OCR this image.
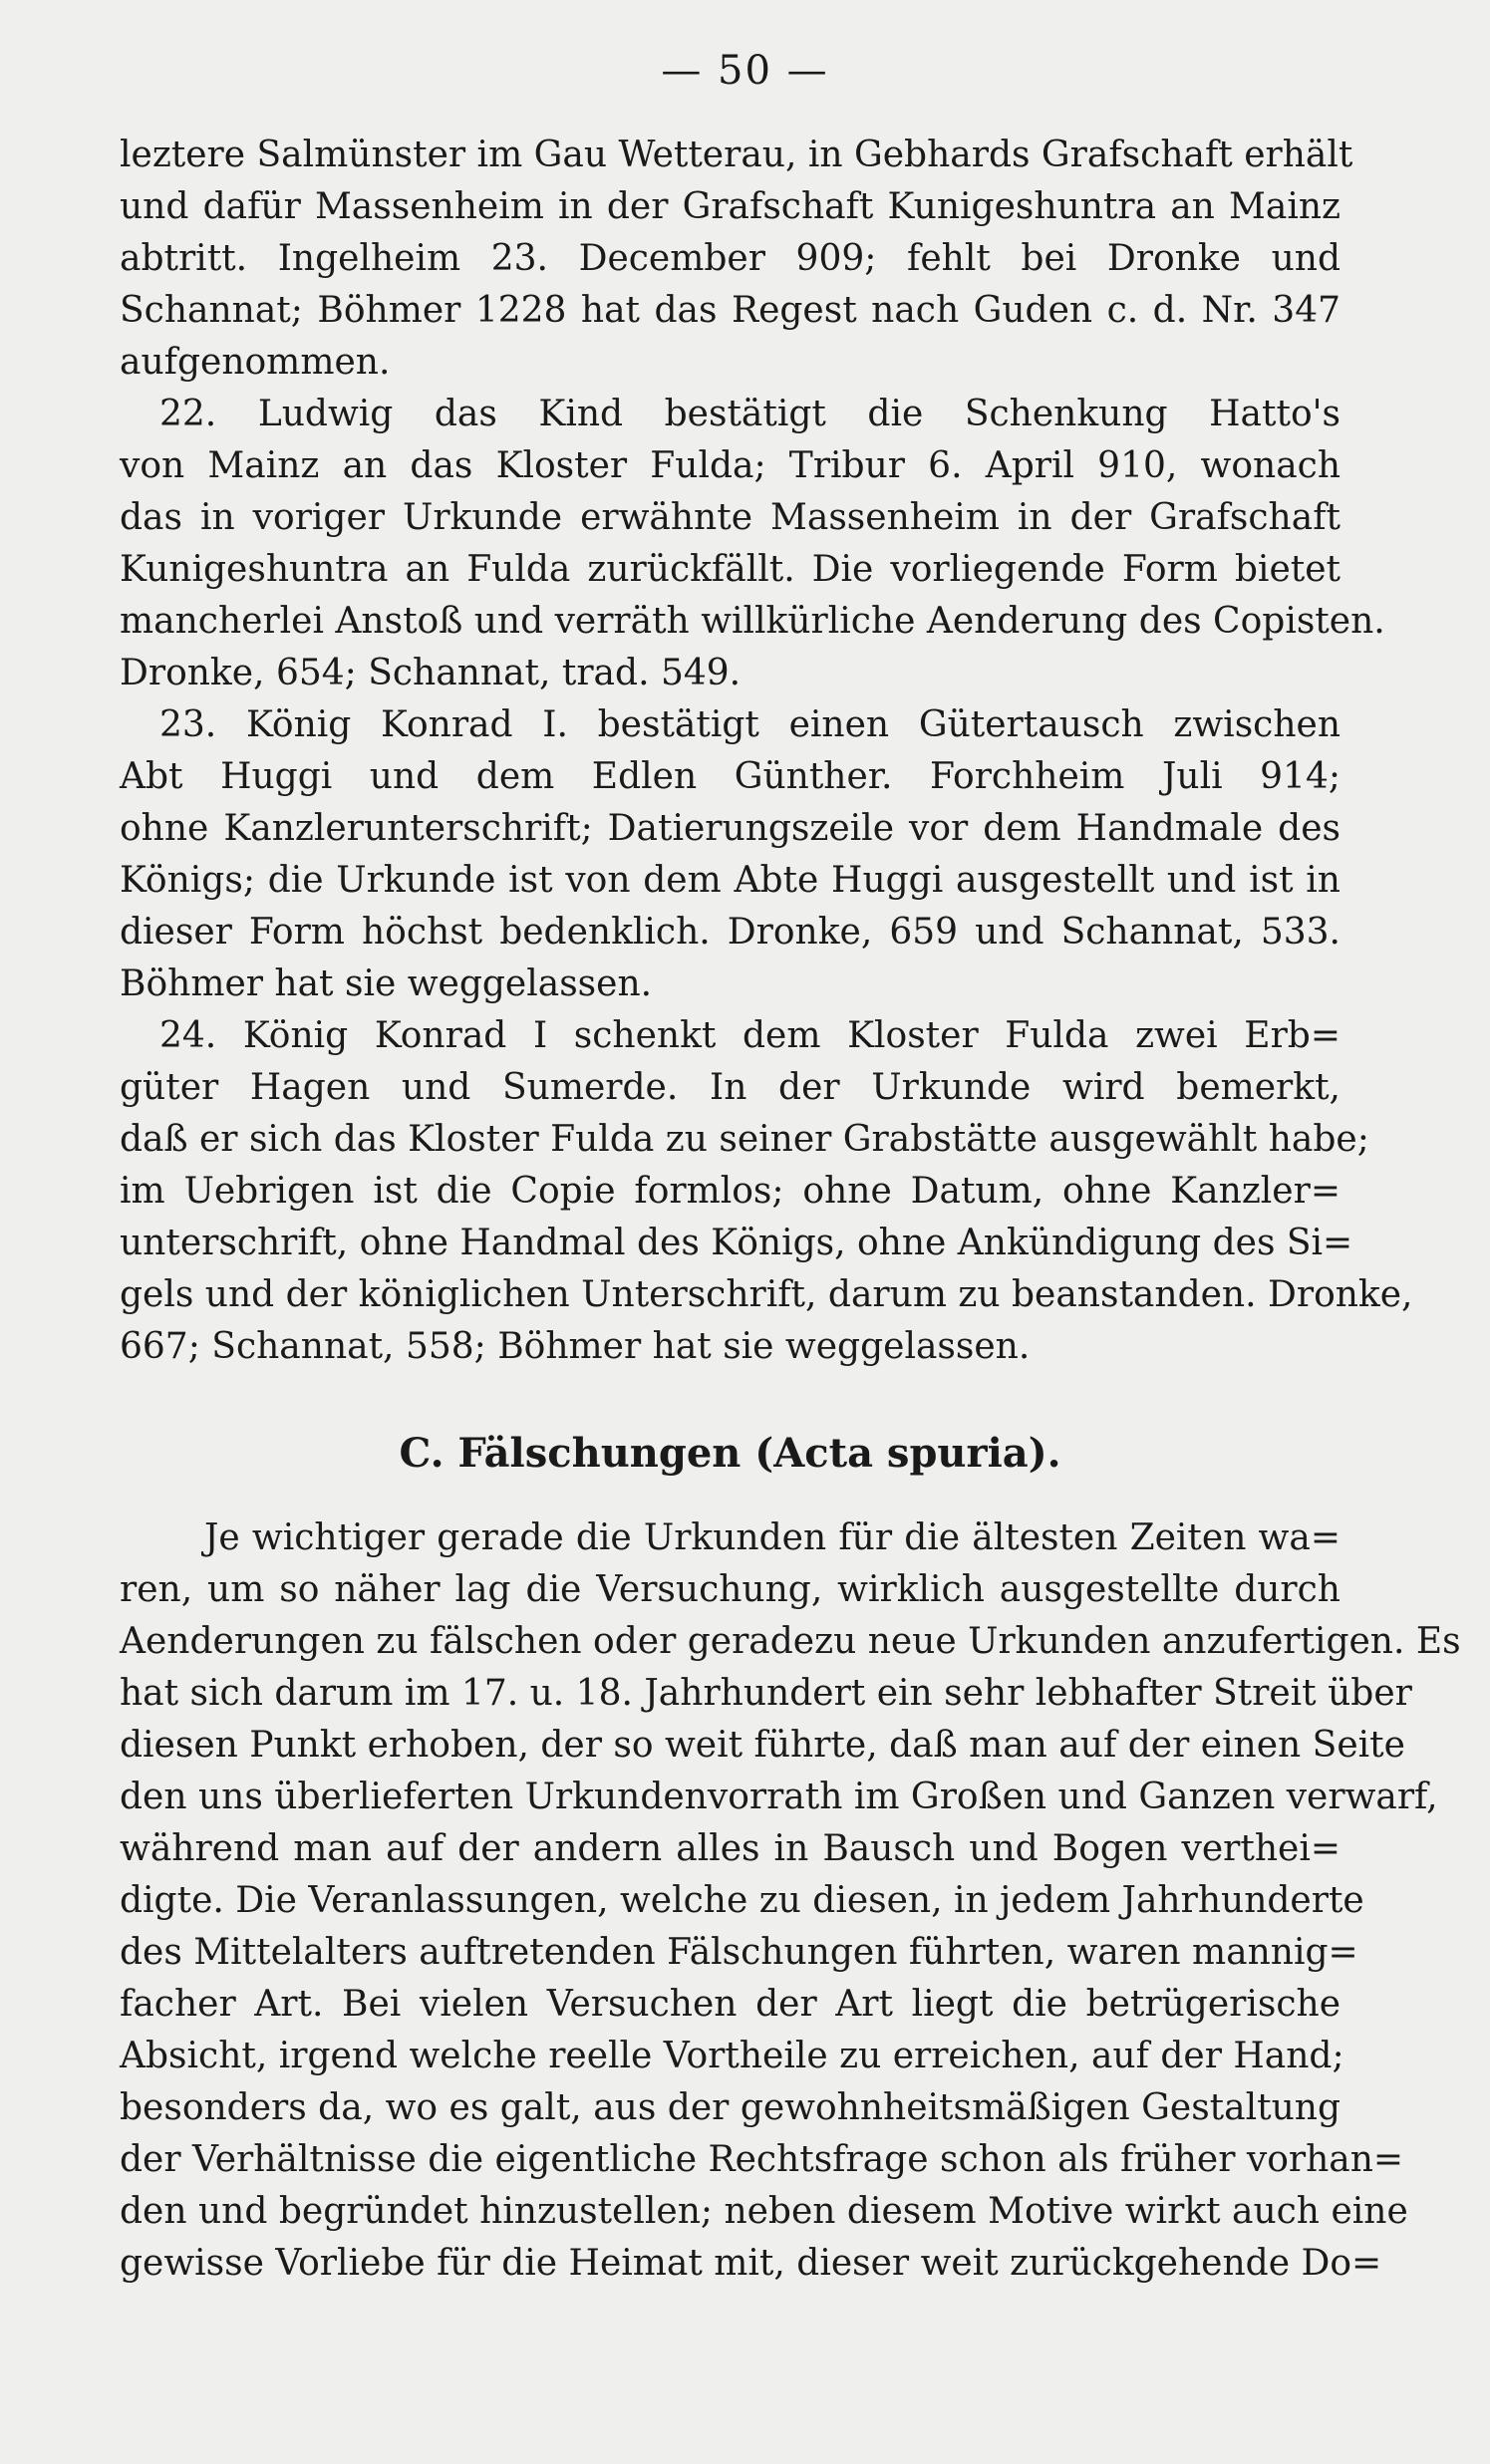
— 50 —
leztere Salmünster im Gau Wetterau, in Gebhards Grafschaft erhält
und dafür Massenheim in der Grafschaft Kunigeshuntra an Mainz
abtritt. Ingelheim 23. December 909; fehlt bei Dronke und
Schannat; Böhmer 1228 hat das Regest nach Guden c. d. Nr. 347
aufgenommen.
22. Ludwig das Kind bestätigt die Schenkung Hatto's
von Mainz an das Kloster Fulda; Tribur 6. April 910, wonach
das in voriger Urkunde erwähnte Massenheim in der Grafschaft
Kunigeshuntra an Fulda zurückfällt. Die vorliegende Form bietet
mancherlei Anstoß und verräth willkürliche Aenderung des Copisten.
Dronke, 654; Schannat, trad. 549.
23. König Konrad I. bestätigt einen Gütertausch zwischen
Abt Huggi und dem Edlen Günther. Forchheim Juli 914;
ohne Kanzlerunterschrift; Datierungszeile vor dem Handmale des
Königs; die Urkunde ist von dem Abte Huggi ausgestellt und ist in
dieser Form höchst bedenklich. Dronke, 659 und Schannat, 533.
Böhmer hat sie weggelassen.
24. König Konrad I schenkt dem Kloster Fulda zwei Erb=
güter Hagen und Sumerde. In der Urkunde wird bemerkt,
daß er sich das Kloster Fulda zu seiner Grabstätte ausgewählt habe;
im Uebrigen ist die Copie formlos; ohne Datum, ohne Kanzler=
unterschrift, ohne Handmal des Königs, ohne Ankündigung des Si=
gels und der königlichen Unterschrift, darum zu beanstanden. Dronke,
667; Schannat, 558; Böhmer hat sie weggelassen.
C. Fälschungen (Acta spuria).
Je wichtiger gerade die Urkunden für die ältesten Zeiten wa=
ren, um so näher lag die Versuchung, wirklich ausgestellte durch
Aenderungen zu fälschen oder geradezu neue Urkunden anzufertigen. Es
hat sich darum im 17. u. 18. Jahrhundert ein sehr lebhafter Streit über
diesen Punkt erhoben, der so weit führte, daß man auf der einen Seite
den uns überlieferten Urkundenvorrath im Großen und Ganzen verwarf,
während man auf der andern alles in Bausch und Bogen verthei=
digte. Die Veranlassungen, welche zu diesen, in jedem Jahrhunderte
des Mittelalters auftretenden Fälschungen führten, waren mannig=
facher Art. Bei vielen Versuchen der Art liegt die betrügerische
Absicht, irgend welche reelle Vortheile zu erreichen, auf der Hand;
besonders da, wo es galt, aus der gewohnheitsmäßigen Gestaltung
der Verhältnisse die eigentliche Rechtsfrage schon als früher vorhan=
den und begründet hinzustellen; neben diesem Motive wirkt auch eine
gewisse Vorliebe für die Heimat mit, dieser weit zurückgehende Do=
